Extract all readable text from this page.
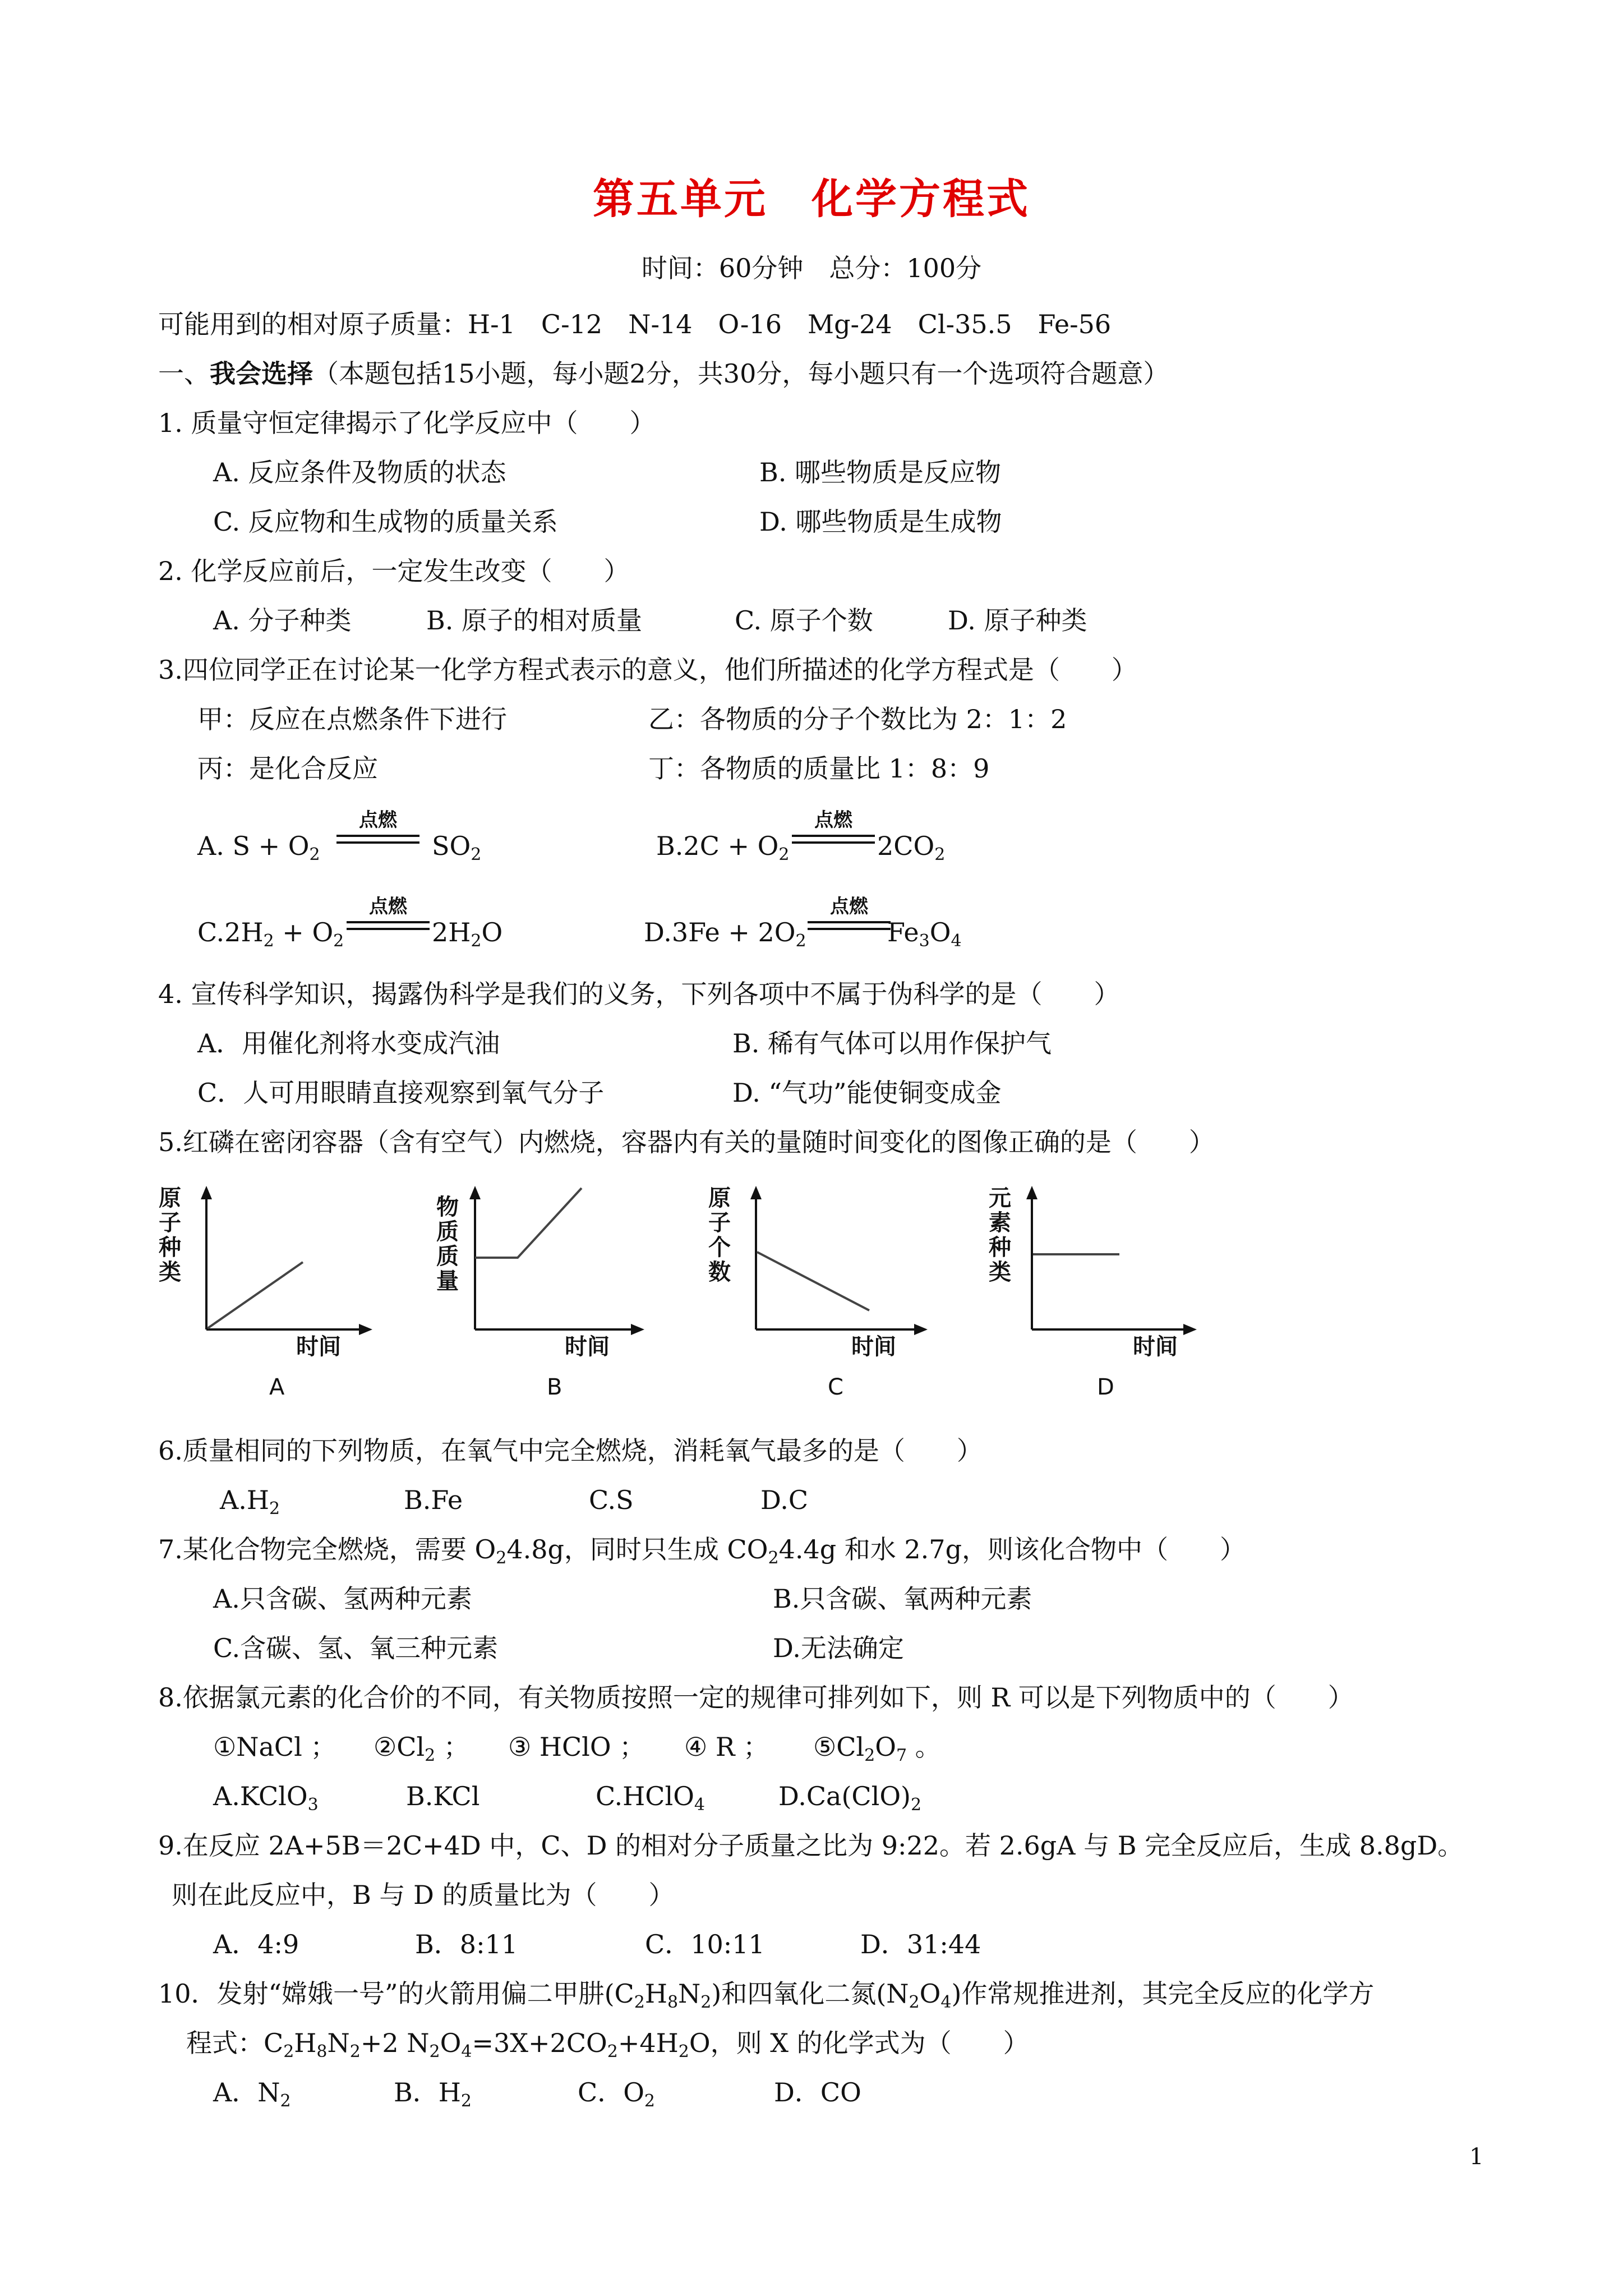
第五单元　化学方程式
时间：60分钟　总分：100分
可能用到的相对原子质量：H-1　C-12　N-14　O-16　Mg-24　Cl-35.5　Fe-56
一、我会选择（本题包括15小题，每小题2分，共30分，每小题只有一个选项符合题意）
1. 质量守恒定律揭示了化学反应中（　　）
A. 反应条件及物质的状态	B. 哪些物质是反应物
C. 反应物和生成物的质量关系	D. 哪些物质是生成物
2. 化学反应前后，一定发生改变（　　）
A. 分子种类	B. 原子的相对质量	C. 原子个数	D. 原子种类
3.四位同学正在讨论某一化学方程式表示的意义，他们所描述的化学方程式是（　　）
甲：反应在点燃条件下进行	乙：各物质的分子个数比为 2：1：2
丙：是化合反应	丁：各物质的质量比 1：8：9
A. $S + O_2$
点燃
$SO_2$	$B.2C + O_2$
点燃
$2CO_2$
$C.2H_2 + O_2$
点燃
$2H_2O$	$D.3Fe + 2O_2$
点燃
$Fe_3O_4$
4. 宣传科学知识，揭露伪科学是我们的义务，下列各项中不属于伪科学的是（　　）
A．用催化剂将水变成汽油	B. 稀有气体可以用作保护气
C．人可用眼睛直接观察到氧气分子	D. “气功”能使铜变成金
5.红磷在密闭容器（含有空气）内燃烧，容器内有关的量随时间变化的图像正确的是（　　）
原子种类
时间
A
物质质量
时间
B
原子个数
时间
C
元素种类
时间
D
6.质量相同的下列物质，在氧气中完全燃烧，消耗氧气最多的是（　　）
$A.H_2$	B.Fe	C.S	D.C
7.某化合物完全燃烧，需要 $O_24.8g$，同时只生成 $CO_24.4g$ 和水 2.7g，则该化合物中（　　）
A.只含碳、氢两种元素	B.只含碳、氧两种元素
C.含碳、氢、氧三种元素	D.无法确定
8.依据氯元素的化合价的不同，有关物质按照一定的规律可排列如下，则 R 可以是下列物质中的（　　）
①NaCl ； $②Cl_2$ ； ③ HClO ； ④ R ； $⑤Cl_2O_7$ 。
A.KClO$_3$	B.KCl	C.HClO$_4$	$D.Ca(ClO)_2$
9.在反应 2A+5B＝2C+4D 中，C、D 的相对分子质量之比为 9:22。若 2.6gA 与 B 完全反应后，生成 8.8gD。
则在此反应中，B 与 D 的质量比为（　　）
A．4:9	B．8:11	C．10:11	D．31:44
10．发射“嫦娥一号”的火箭用偏二甲肼$(C_2H_8N_2)$和四氧化二氮$(N_2O_4)$作常规推进剂，其完全反应的化学方
程式：$C_2H_8N_2+2$ $N_2O_4=3X+2CO_2+4H_2O$，则 X 的化学式为（　　）
A．$N_2$	B．$H_2$	C．$O_2$	D．CO
1
